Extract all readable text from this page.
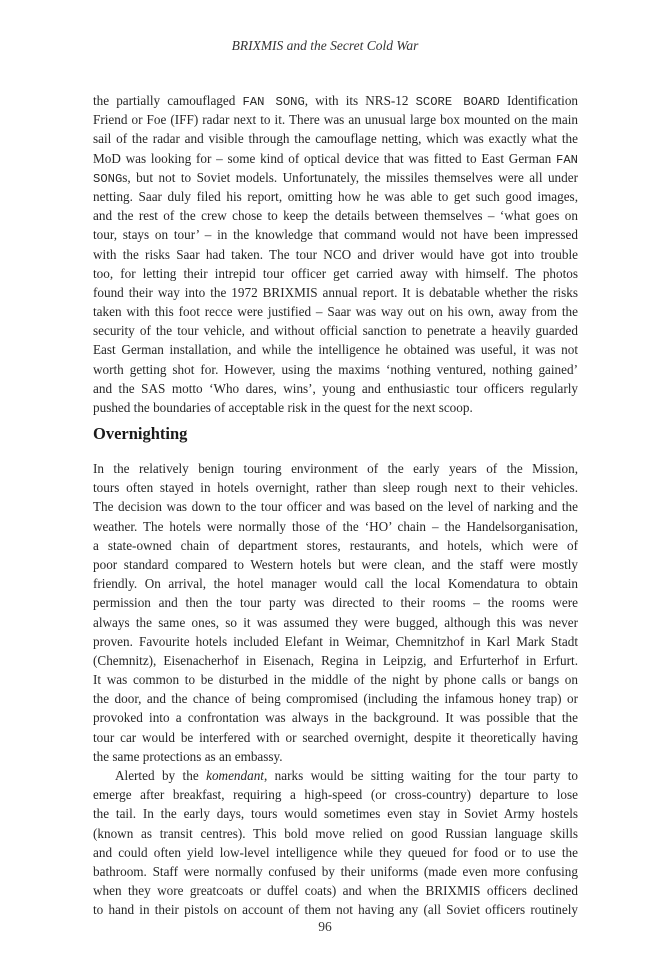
BRIXMIS and the Secret Cold War
the partially camouflaged FAN SONG, with its NRS-12 SCORE BOARD Identification
Friend or Foe (IFF) radar next to it. There was an unusual large box mounted on the main
sail of the radar and visible through the camouflage netting, which was exactly what the
MoD was looking for – some kind of optical device that was fitted to East German FAN
SONGs, but not to Soviet models. Unfortunately, the missiles themselves were all under
netting. Saar duly filed his report, omitting how he was able to get such good images,
and the rest of the crew chose to keep the details between themselves – ‘what goes on
tour, stays on tour’ – in the knowledge that command would not have been impressed
with the risks Saar had taken. The tour NCO and driver would have got into trouble
too, for letting their intrepid tour officer get carried away with himself. The photos
found their way into the 1972 BRIXMIS annual report. It is debatable whether the risks
taken with this foot recce were justified – Saar was way out on his own, away from the
security of the tour vehicle, and without official sanction to penetrate a heavily guarded
East German installation, and while the intelligence he obtained was useful, it was not
worth getting shot for. However, using the maxims ‘nothing ventured, nothing gained’
and the SAS motto ‘Who dares, wins’, young and enthusiastic tour officers regularly
pushed the boundaries of acceptable risk in the quest for the next scoop.
Overnighting
In the relatively benign touring environment of the early years of the Mission,
tours often stayed in hotels overnight, rather than sleep rough next to their vehicles.
The decision was down to the tour officer and was based on the level of narking and the
weather. The hotels were normally those of the ‘HO’ chain – the Handelsorganisation,
a state-owned chain of department stores, restaurants, and hotels, which were of
poor standard compared to Western hotels but were clean, and the staff were mostly
friendly. On arrival, the hotel manager would call the local Komendatura to obtain
permission and then the tour party was directed to their rooms – the rooms were
always the same ones, so it was assumed they were bugged, although this was never
proven. Favourite hotels included Elefant in Weimar, Chemnitzhof in Karl Mark Stadt
(Chemnitz), Eisenacherhof in Eisenach, Regina in Leipzig, and Erfurterhof in Erfurt.
It was common to be disturbed in the middle of the night by phone calls or bangs on
the door, and the chance of being compromised (including the infamous honey trap) or
provoked into a confrontation was always in the background. It was possible that the
tour car would be interfered with or searched overnight, despite it theoretically having
the same protections as an embassy.
Alerted by the komendant, narks would be sitting waiting for the tour party to
emerge after breakfast, requiring a high-speed (or cross-country) departure to lose
the tail. In the early days, tours would sometimes even stay in Soviet Army hostels
(known as transit centres). This bold move relied on good Russian language skills
and could often yield low-level intelligence while they queued for food or to use the
bathroom. Staff were normally confused by their uniforms (made even more confusing
when they wore greatcoats or duffel coats) and when the BRIXMIS officers declined
to hand in their pistols on account of them not having any (all Soviet officers routinely
96
